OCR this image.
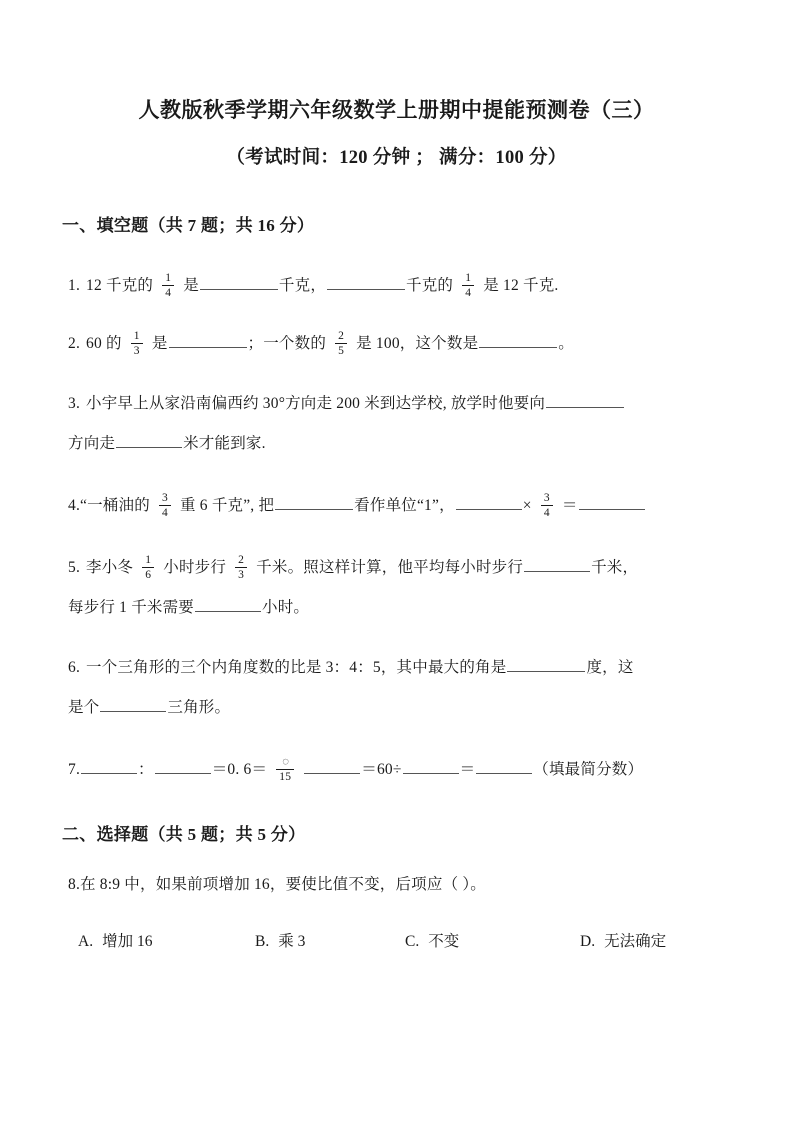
人教版秋季学期六年级数学上册期中提能预测卷（三）
（考试时间：120 分钟 ； 满分：100 分）
一、填空题（共 7 题；共 16 分）
1. 12 千克的 $\frac{1}{4}$ 是	千克，	千克的 $\frac{1}{4}$ 是 12 千克.
2. 60 的 $\frac{1}{3}$ 是	；一个数的 $\frac{2}{5}$ 是 100，这个数是	。
3. 小宇早上从家沿南偏西约 30°方向走 200 米到达学校, 放学时他要向
方向走	米才能到家.
4.“一桶油的 $\frac{3}{4}$ 重 6 千克”, 把	看作单位“1”，	× $\frac{3}{4}$ ＝
5. 李小冬 $\frac{1}{6}$ 小时步行 $\frac{2}{3}$ 千米。照这样计算，他平均每小时步行	千米，
每步行 1 千米需要	小时。
6. 一个三角形的三个内角度数的比是 3：4：5，其中最大的角是	度，这
是个	三角形。
7.	：	＝0. $6= \frac{◌}{15}$	＝60÷	＝	（填最简分数）
二、选择题（共 5 题；共 5 分）
8.在 8:9 中，如果前项增加 16，要使比值不变，后项应（ ）。
A. 增加 16	B. 乘 3	C. 不变	D. 无法确定
